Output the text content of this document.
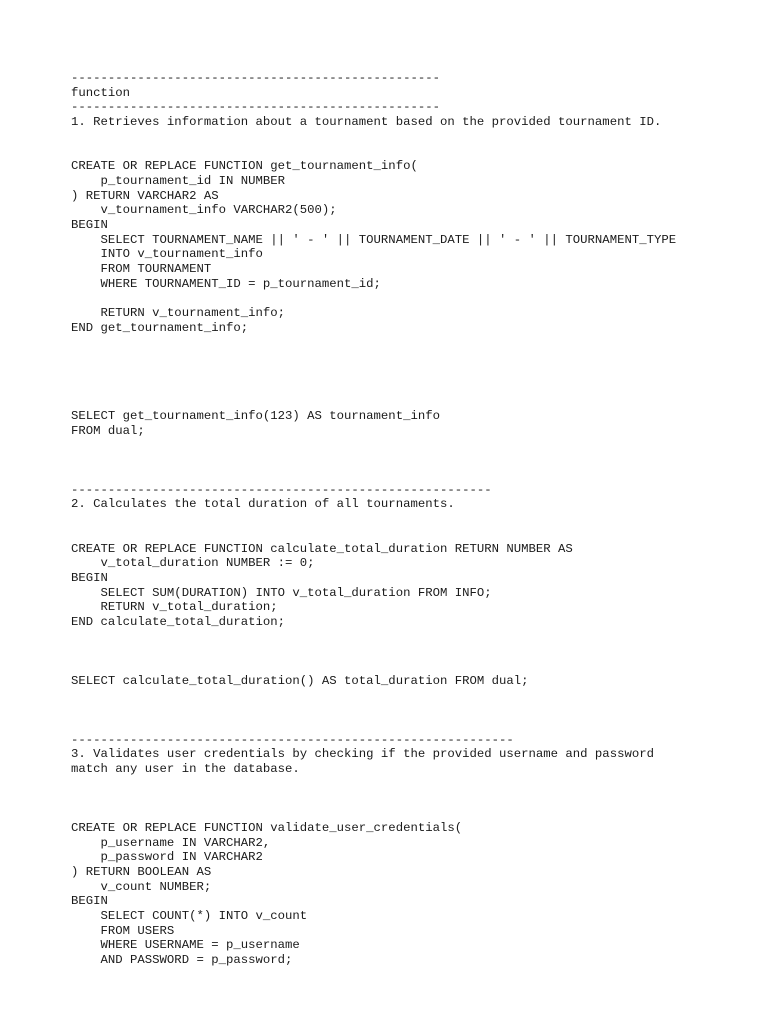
--------------------------------------------------
function
--------------------------------------------------
1. Retrieves information about a tournament based on the provided tournament ID.

CREATE OR REPLACE FUNCTION get_tournament_info(
p_tournament_id IN NUMBER
) RETURN VARCHAR2 AS
v_tournament_info VARCHAR2(500);
BEGIN
SELECT TOURNAMENT_NAME || ' - ' || TOURNAMENT_DATE || ' - ' || TOURNAMENT_TYPE
INTO v_tournament_info
FROM TOURNAMENT
WHERE TOURNAMENT_ID = p_tournament_id;

RETURN v_tournament_info;
END get_tournament_info;

SELECT get_tournament_info(123) AS tournament_info
FROM dual;

---------------------------------------------------------
2. Calculates the total duration of all tournaments.

CREATE OR REPLACE FUNCTION calculate_total_duration RETURN NUMBER AS
v_total_duration NUMBER := 0;
BEGIN
SELECT SUM(DURATION) INTO v_total_duration FROM INFO;
RETURN v_total_duration;
END calculate_total_duration;

SELECT calculate_total_duration() AS total_duration FROM dual;

------------------------------------------------------------
3. Validates user credentials by checking if the provided username and password
match any user in the database.

CREATE OR REPLACE FUNCTION validate_user_credentials(
p_username IN VARCHAR2,
p_password IN VARCHAR2
) RETURN BOOLEAN AS
v_count NUMBER;
BEGIN
SELECT COUNT(*) INTO v_count
FROM USERS
WHERE USERNAME = p_username
AND PASSWORD = p_password;
